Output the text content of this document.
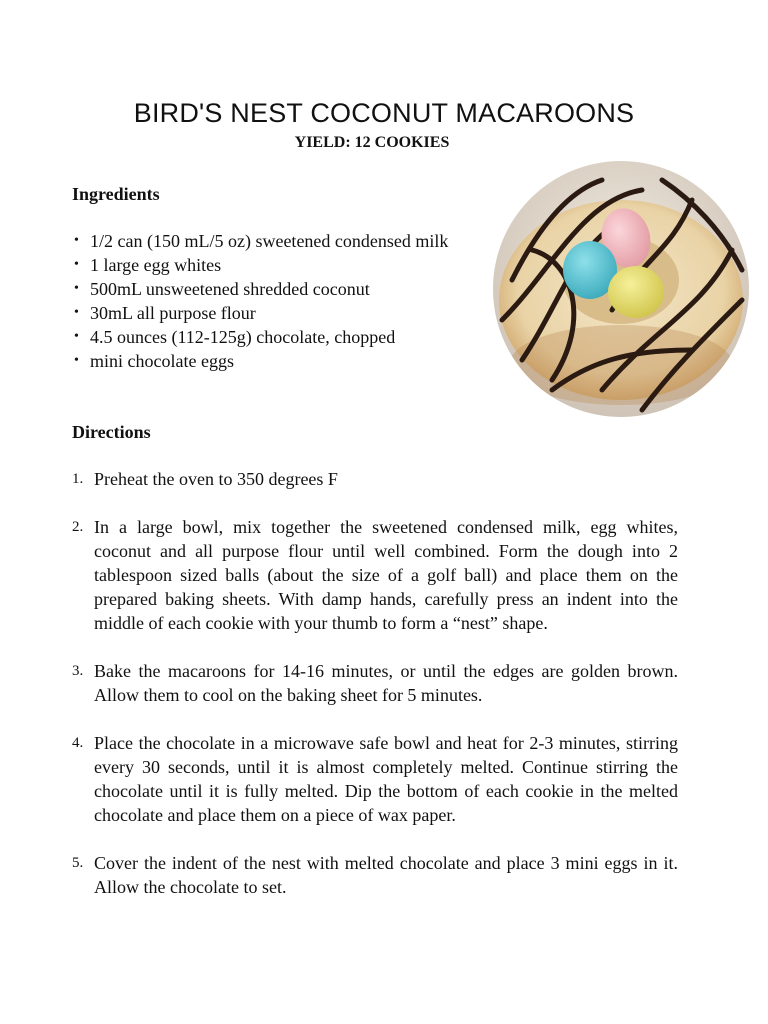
BIRD'S NEST COCONUT MACAROONS
YIELD: 12 COOKIES
Ingredients
• 1/2 can (150 mL/5 oz) sweetened condensed milk
• 1 large egg whites
• 500mL unsweetened shredded coconut
• 30mL all purpose flour
• 4.5 ounces (112-125g) chocolate, chopped
• mini chocolate eggs
Directions
1. Preheat the oven to 350 degrees F
2. In a large bowl, mix together the sweetened condensed milk, egg whites, coconut and all purpose flour until well combined. Form the dough into 2 tablespoon sized balls (about the size of a golf ball) and place them on the prepared baking sheets. With damp hands, carefully press an indent into the middle of each cookie with your thumb to form a “nest” shape.
3. Bake the macaroons for 14-16 minutes, or until the edges are golden brown. Allow them to cool on the baking sheet for 5 minutes.
4. Place the chocolate in a microwave safe bowl and heat for 2-3 minutes, stirring every 30 seconds, until it is almost completely melted. Continue stirring the chocolate until it is fully melted. Dip the bottom of each cookie in the melted chocolate and place them on a piece of wax paper.
5. Cover the indent of the nest with melted chocolate and place 3 mini eggs in it. Allow the chocolate to set.
